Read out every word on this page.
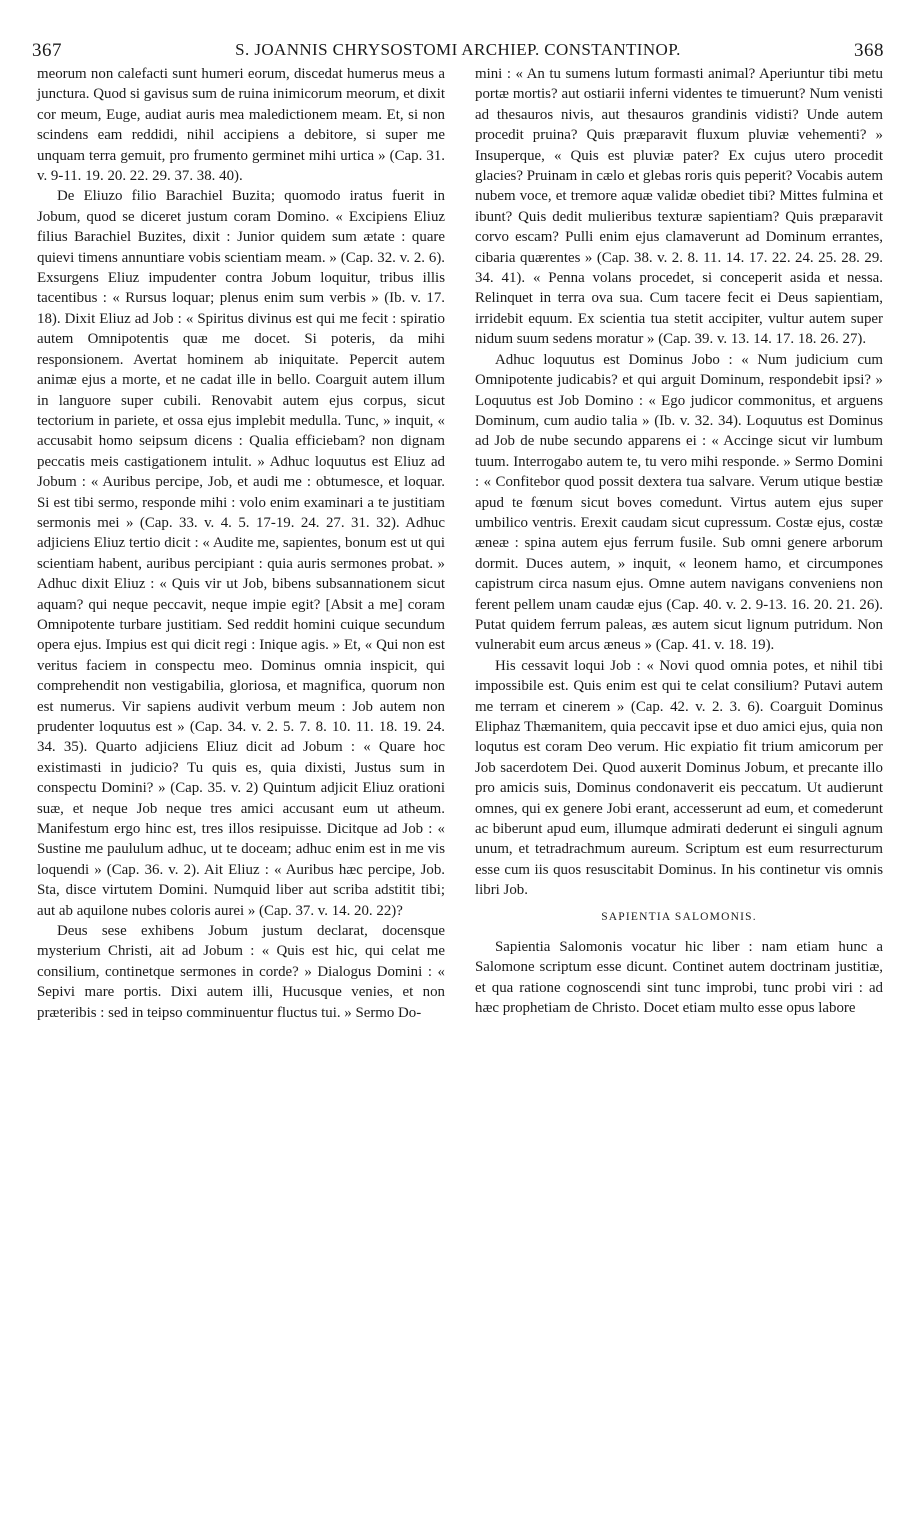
367	S. JOANNIS CHRYSOSTOMI ARCHIEP. CONSTANTINOP.	368

meorum non calefacti sunt humeri eorum, discedat humerus meus a junctura. Quod si gavisus sum de ruina inimicorum meorum, et dixit cor meum, Euge, audiat auris mea maledictionem meam. Et, si non scindens eam reddidi, nihil accipiens a debitore, si super me unquam terra gemuit, pro frumento germinet mihi urtica » (Cap. 31. v. 9-11. 19. 20. 22. 29. 37. 38. 40).

De Eliuzo filio Barachiel Buzita; quomodo iratus fuerit in Jobum, quod se diceret justum coram Domino. « Excipiens Eliuz filius Barachiel Buzites, dixit : Junior quidem sum ætate : quare quievi timens annuntiare vobis scientiam meam. » (Cap. 32. v. 2. 6). Exsurgens Eliuz impudenter contra Jobum loquitur, tribus illis tacentibus : « Rursus loquar; plenus enim sum verbis » (Ib. v. 17. 18). Dixit Eliuz ad Job : « Spiritus divinus est qui me fecit : spiratio autem Omnipotentis quæ me docet. Si poteris, da mihi responsionem. Avertat hominem ab iniquitate. Pepercit autem animæ ejus a morte, et ne cadat ille in bello. Coarguit autem illum in languore super cubili. Renovabit autem ejus corpus, sicut tectorium in pariete, et ossa ejus implebit medulla. Tunc, » inquit, « accusabit homo seipsum dicens : Qualia efficiebam? non dignam peccatis meis castigationem intulit. » Adhuc loquutus est Eliuz ad Jobum : « Auribus percipe, Job, et audi me : obtumesce, et loquar. Si est tibi sermo, responde mihi : volo enim examinari a te justitiam sermonis mei » (Cap. 33. v. 4. 5. 17-19. 24. 27. 31. 32). Adhuc adjiciens Eliuz tertio dicit : « Audite me, sapientes, bonum est ut qui scientiam habent, auribus percipiant : quia auris sermones probat. » Adhuc dixit Eliuz : « Quis vir ut Job, bibens subsannationem sicut aquam? qui neque peccavit, neque impie egit? [Absit a me] coram Omnipotente turbare justitiam. Sed reddit homini cuique secundum opera ejus. Impius est qui dicit regi : Inique agis. » Et, « Qui non est veritus faciem in conspectu meo. Dominus omnia inspicit, qui comprehendit non vestigabilia, gloriosa, et magnifica, quorum non est numerus. Vir sapiens audivit verbum meum : Job autem non prudenter loquutus est » (Cap. 34. v. 2. 5. 7. 8. 10. 11. 18. 19. 24. 34. 35). Quarto adjiciens Eliuz dicit ad Jobum : « Quare hoc existimasti in judicio? Tu quis es, quia dixisti, Justus sum in conspectu Domini? » (Cap. 35. v. 2) Quintum adjicit Eliuz orationi suæ, et neque Job neque tres amici accusant eum ut atheum. Manifestum ergo hinc est, tres illos resipuisse. Dicitque ad Job : « Sustine me paululum adhuc, ut te doceam; adhuc enim est in me vis loquendi » (Cap. 36. v. 2). Ait Eliuz : « Auribus hæc percipe, Job. Sta, disce virtutem Domini. Numquid liber aut scriba adstitit tibi; aut ab aquilone nubes coloris aurei » (Cap. 37. v. 14. 20. 22)?

Deus sese exhibens Jobum justum declarat, docensque mysterium Christi, ait ad Jobum : « Quis est hic, qui celat me consilium, continetque sermones in corde? » Dialogus Domini : « Sepivi mare portis. Dixi autem illi, Hucusque venies, et non præteribis : sed in teipso comminuentur fluctus tui. » Sermo Do-

mini : « An tu sumens lutum formasti animal? Aperiuntur tibi metu portæ mortis? aut ostiarii inferni videntes te timuerunt? Num venisti ad thesauros nivis, aut thesauros grandinis vidisti? Unde autem procedit pruina? Quis præparavit fluxum pluviæ vehementi? » Insuperque, « Quis est pluviæ pater? Ex cujus utero procedit glacies? Pruinam in cælo et glebas roris quis peperit? Vocabis autem nubem voce, et tremore aquæ validæ obediet tibi? Mittes fulmina et ibunt? Quis dedit mulieribus texturæ sapientiam? Quis præparavit corvo escam? Pulli enim ejus clamaverunt ad Dominum errantes, cibaria quærentes » (Cap. 38. v. 2. 8. 11. 14. 17. 22. 24. 25. 28. 29. 34. 41). « Penna volans procedet, si conceperit asida et nessa. Relinquet in terra ova sua. Cum tacere fecit ei Deus sapientiam, irridebit equum. Ex scientia tua stetit accipiter, vultur autem super nidum suum sedens moratur » (Cap. 39. v. 13. 14. 17. 18. 26. 27).

Adhuc loquutus est Dominus Jobo : « Num judicium cum Omnipotente judicabis? et qui arguit Dominum, respondebit ipsi? » Loquutus est Job Domino : « Ego judicor commonitus, et arguens Dominum, cum audio talia » (Ib. v. 32. 34). Loquutus est Dominus ad Job de nube secundo apparens ei : « Accinge sicut vir lumbum tuum. Interrogabo autem te, tu vero mihi responde. » Sermo Domini : « Confitebor quod possit dextera tua salvare. Verum utique bestiæ apud te fœnum sicut boves comedunt. Virtus autem ejus super umbilico ventris. Erexit caudam sicut cupressum. Costæ ejus, costæ æneæ : spina autem ejus ferrum fusile. Sub omni genere arborum dormit. Duces autem, » inquit, « leonem hamo, et circumpones capistrum circa nasum ejus. Omne autem navigans conveniens non ferent pellem unam caudæ ejus (Cap. 40. v. 2. 9-13. 16. 20. 21. 26). Putat quidem ferrum paleas, æs autem sicut lignum putridum. Non vulnerabit eum arcus æneus » (Cap. 41. v. 18. 19).

His cessavit loqui Job : « Novi quod omnia potes, et nihil tibi impossibile est. Quis enim est qui te celat consilium? Putavi autem me terram et cinerem » (Cap. 42. v. 2. 3. 6). Coarguit Dominus Eliphaz Thæmanitem, quia peccavit ipse et duo amici ejus, quia non loqutus est coram Deo verum. Hic expiatio fit trium amicorum per Job sacerdotem Dei. Quod auxerit Dominus Jobum, et precante illo pro amicis suis, Dominus condonaverit eis peccatum. Ut audierunt omnes, qui ex genere Jobi erant, accesserunt ad eum, et comederunt ac biberunt apud eum, illumque admirati dederunt ei singuli agnum unum, et tetradrachmum aureum. Scriptum est eum resurrecturum esse cum iis quos resuscitabit Dominus. In his continetur vis omnis libri Job.

SAPIENTIA SALOMONIS.

Sapientia Salomonis vocatur hic liber : nam etiam hunc a Salomone scriptum esse dicunt. Continet autem doctrinam justitiæ, et qua ratione cognoscendi sint tunc improbi, tunc probi viri : ad hæc prophetiam de Christo. Docet etiam multo esse opus labore
